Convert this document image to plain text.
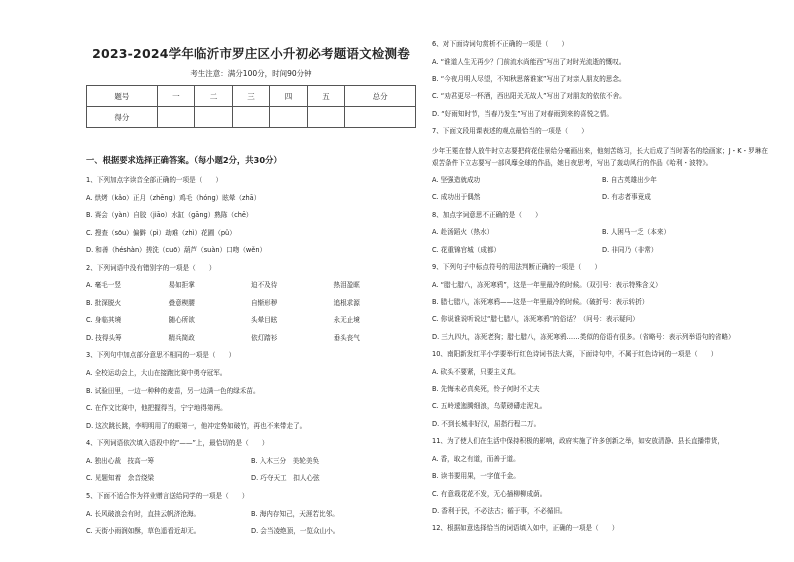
2023-2024学年临沂市罗庄区小升初必考题语文检测卷
考生注意：满分100分，时间90分钟
题号	一	二	三	四	五	总分
得分						
一、根据要求选择正确答案。（每小题2分，共30分）
1、下列加点字读音全部正确的一项是（　　）
A. 烘烤（kǎo）正月（zhēng）鸡毛（hóng）眩晕（zhā）
B. 赛会（yàn）自胶（jiāo）水缸（gāng）熟陈（chē）
C. 搜查（sōu）偏僻（pì）劫难（zhì）花圃（pǔ）
D. 和善（héshàn）搓洗（cuō）葫芦（suàn）口吻（wěn）
2、下列词语中没有错别字的一项是（　　）
A. 毫毛一竖	易如拒掌	迫不及待	热泪盈眶
B. 批深脱火	叠意楔腰	自惭形秽	追根求源
C. 身临其境	随心所欲	头晕目眩	永无止境
D. 技得头筹	精兵简政	依灯踏衫	垂头丧气
3、下列句中加点部分意思不相同的一项是（　　）
A. 全校运动会上，大山在接跑比赛中勇夺冠军。
B. 试验田里，一边一种种的麦苗，另一边满一色的绿禾苗。
C. 在作文比赛中，他把握得当，宁宁地得第两。
D. 这次跳长跳，李明明用了的眼第一，他冲定势如破竹，再也不来带走了。
4、下列词语依次填入语段中的“——”上，最恰切的是（　　）
A. 独出心裁　技高一筹	B. 入木三分　美轮美奂
C. 见题知着　余音绕梁	D. 巧夺天工　扣人心弦
5、下面不适合作为祥业赠言送给同学的一项是（　　）
A. 长风破浪会有时，直挂云帆济沧海。	B. 海内存知己，天涯若比邻。
C. 天街小雨润如酥，草色遥看近却无。	D. 会当凌绝顶，一览众山小。
6、对下面诗词句赏析不正确的一项是（　　）
A. “谁道人生无再少？门前流水尚能西”写出了对时光流逝的慨叹。
B. “今夜月明人尽望，不知秋思落谁家”写出了对亲人朋友的思念。
C. “劝君更尽一杯酒，西出阳关无故人”写出了对朋友的依依不舍。
D. “好雨知时节，当春乃发生”写出了对春雨到来的喜悦之情。
7、下面文段用课表述的观点最恰当的一项是（　　）
少年王冕在替人放牛时立志要把荷花佳景给分毫画出来，他刻苦练习，长大后成了当时著名的绘画家；J・K・罗琳在艰苦条件下立志要写一部风靡全球的作品，她日夜思考，写出了轰动风行的作品《哈利・波特》。
A. 坚强造就成功	B. 自古英雄出少年
C. 成功出于偶然	D. 有志者事竟成
8、加点字词意思不正确的是（　　）
A. 赴汤蹈火（热水）	B. 人困马一乏（本来）
C. 花重锦官城（成都）	D. 非同乃（非常）
9、下列句子中标点符号的用法判断正确的一项是（　　）
A. “腊七腊八，冻死寒鸦”，这是一年里最冷的时候。（双引号：表示特殊含义）
B. 腊七腊八，冻死寒鸦——这是一年里最冷的时候。（破折号：表示转折）
C. 你说谁说听说过“腊七腊八，冻死寒鸦”的俗话？（问号：表示疑问）
D. 三九四九，冻死老狗；腊七腊八，冻死寒鸦……类似的俗语有很多。（省略号：表示列举语句的省略）
10、南阳新发红平小学要举行红色诗词书法大赛，下面诗句中，不属于红色诗词的一项是（　　）
A. 砍头不要紧，只要主义真。
B. 先悔未必真矣死，怜子何时不丈夫
C. 五岭逶迤腾细浪，乌蒙磅礴走泥丸。
D. 不到长城非好汉，屈指行程二万。
11、为了使人们在生活中保持积极的影响，政府实施了许多创新之举，如安放清静、县长直播带货，
A. 香，取之有道，而善于道。
B. 读书要用果，一字值千金。
C. 有意栽花花不发，无心插柳柳成荫。
D. 香利于民，不必法古；循于事，不必循旧。
12、根据如意选择恰当的词语填入如中，正确的一项是（　　）
